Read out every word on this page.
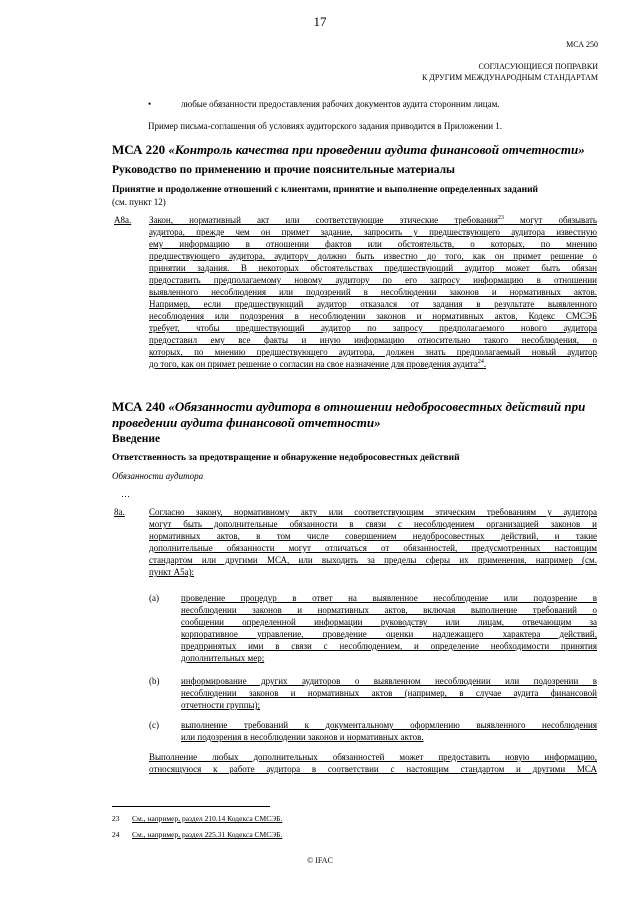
17
МСА 250
СОГЛАСУЮЩИЕСЯ ПОПРАВКИ
К ДРУГИМ МЕЖДУНАРОДНЫМ СТАНДАРТАМ
•	любые обязанности предоставления рабочих документов аудита сторонним лицам.
Пример письма-соглашения об условиях аудиторского задания приводится в Приложении 1.
МСА 220 «Контроль качества при проведении аудита финансовой отчетности»
Руководство по применению и прочие пояснительные материалы
Принятие и продолжение отношений с клиентами, принятие и выполнение определенных заданий
(см. пункт 12)
A8a. Закон, нормативный акт или соответствующие этические требования$^{23}$ могут обязывать
аудитора, прежде чем он примет задание, запросить у предшествующего аудитора известную
ему информацию в отношении фактов или обстоятельств, о которых, по мнению
предшествующего аудитора, аудитору должно быть известно до того, как он примет решение о
принятии задания. В некоторых обстоятельствах предшествующий аудитор может быть обязан
предоставить предполагаемому новому аудитору по его запросу информацию в отношении
выявленного несоблюдения или подозрений в несоблюдении законов и нормативных актов.
Например, если предшествующий аудитор отказался от задания в результате выявленного
несоблюдения или подозрения в несоблюдении законов и нормативных актов, Кодекс СМСЭБ
требует, чтобы предшествующий аудитор по запросу предполагаемого нового аудитора
предоставил ему все факты и иную информацию относительно такого несоблюдения, о
которых, по мнению предшествующего аудитора, должен знать предполагаемый новый аудитор
до того, как он примет решение о согласии на свое назначение для проведения аудита$^{24}$.
МСА 240 «Обязанности аудитора в отношении недобросовестных действий при
проведении аудита финансовой отчетности»
Введение
Ответственность за предотвращение и обнаружение недобросовестных действий
Обязанности аудитора
…
8a.	Согласно закону, нормативному акту или соответствующим этическим требованиям у аудитора
могут быть дополнительные обязанности в связи с несоблюдением организацией законов и
нормативных актов, в том числе совершением недобросовестных действий, и такие
дополнительные обязанности могут отличаться от обязанностей, предусмотренных настоящим
стандартом или другими МСА, или выходить за пределы сферы их применения, например (см.
пункт А5а):
(a) проведение процедур в ответ на выявленное несоблюдение или подозрение в
несоблюдении законов и нормативных актов, включая выполнение требований о
сообщении определенной информации руководству или лицам, отвечающим за
корпоративное управление, проведение оценки надлежащего характера действий,
предпринятых ими в связи с несоблюдением, и определение необходимости принятия
дополнительных мер;
(b) информирование других аудиторов о выявленном несоблюдении или подозрении в
несоблюдении законов и нормативных актов (например, в случае аудита финансовой
отчетности группы);
(c) выполнение требований к документальному оформлению выявленного несоблюдения
или подозрения в несоблюдении законов и нормативных актов.
Выполнение любых дополнительных обязанностей может предоставить новую информацию,
относящуюся к работе аудитора в соответствии с настоящим стандартом и другими МСА
23 См., например, раздел 210.14 Кодекса СМСЭБ.
24 См., например, раздел 225.31 Кодекса СМСЭБ.
© IFAC
